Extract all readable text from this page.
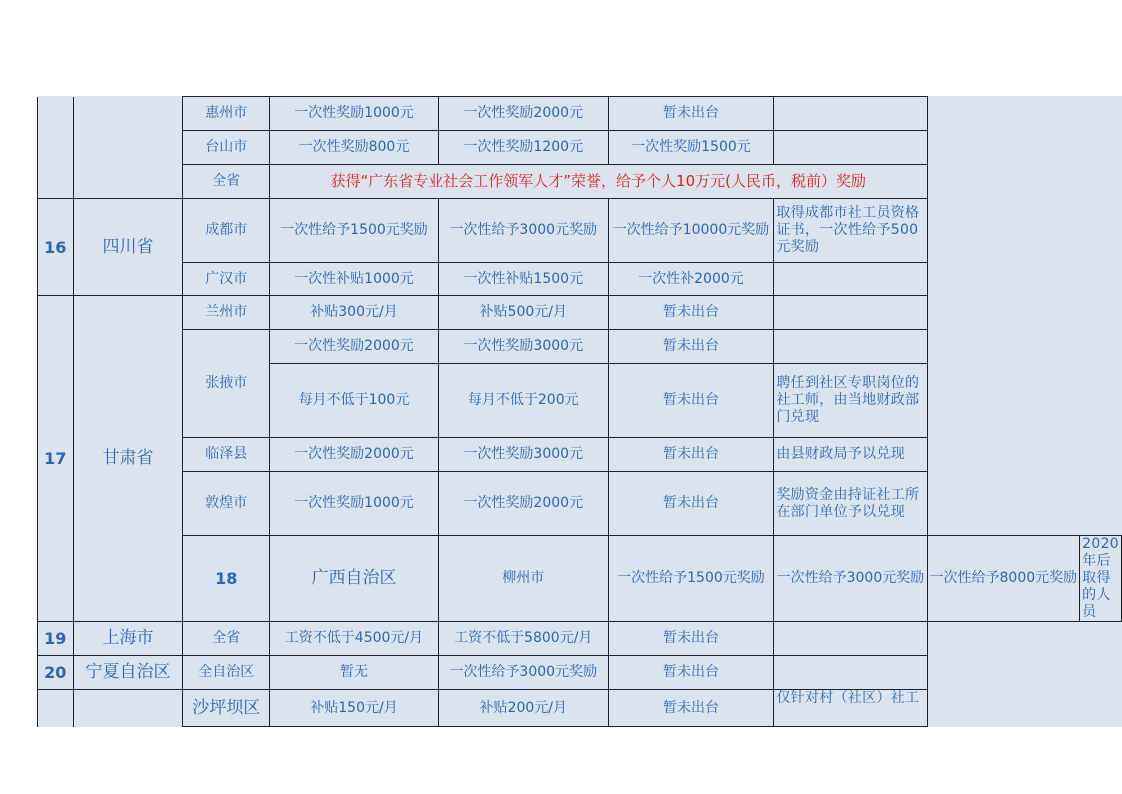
		惠州市	一次性奖励1000元	一次性奖励2000元	暂未出台			
		台山市	一次性奖励800元	一次性奖励1200元	一次性奖励1500元			
		全省	获得“广东省专业社会工作领军人才”荣誉，给予个人10万元(人民币，税前）奖励					
16	四川省	成都市	一次性给予1500元奖励	一次性给予3000元奖励	一次性给予10000元奖励	取得成都市社工员资格证书，一次性给予500元奖励		
		广汉市	一次性补贴1000元	一次性补贴1500元	一次性补2000元			
17	甘肃省	兰州市	补贴300元/月	补贴500元/月	暂未出台			
		张掖市	一次性奖励2000元	一次性奖励3000元	暂未出台			
			每月不低于100元	每月不低于200元	暂未出台	聘任到社区专职岗位的社工师，由当地财政部门兑现		
		临泽县	一次性奖励2000元	一次性奖励3000元	暂未出台	由县财政局予以兑现		
		敦煌市	一次性奖励1000元	一次性奖励2000元	暂未出台	奖励资金由持证社工所在部门单位予以兑现		
		18	广西自治区	柳州市	一次性给予1500元奖励	一次性给予3000元奖励	一次性给予8000元奖励	2020年后取得的人员
19	上海市	全省	工资不低于4500元/月	工资不低于5800元/月	暂未出台			
20	宁夏自治区	全自治区	暂无	一次性给予3000元奖励	暂未出台			
		沙坪坝区	补贴150元/月	补贴200元/月	暂未出台	仅针对村（社区）社工		
